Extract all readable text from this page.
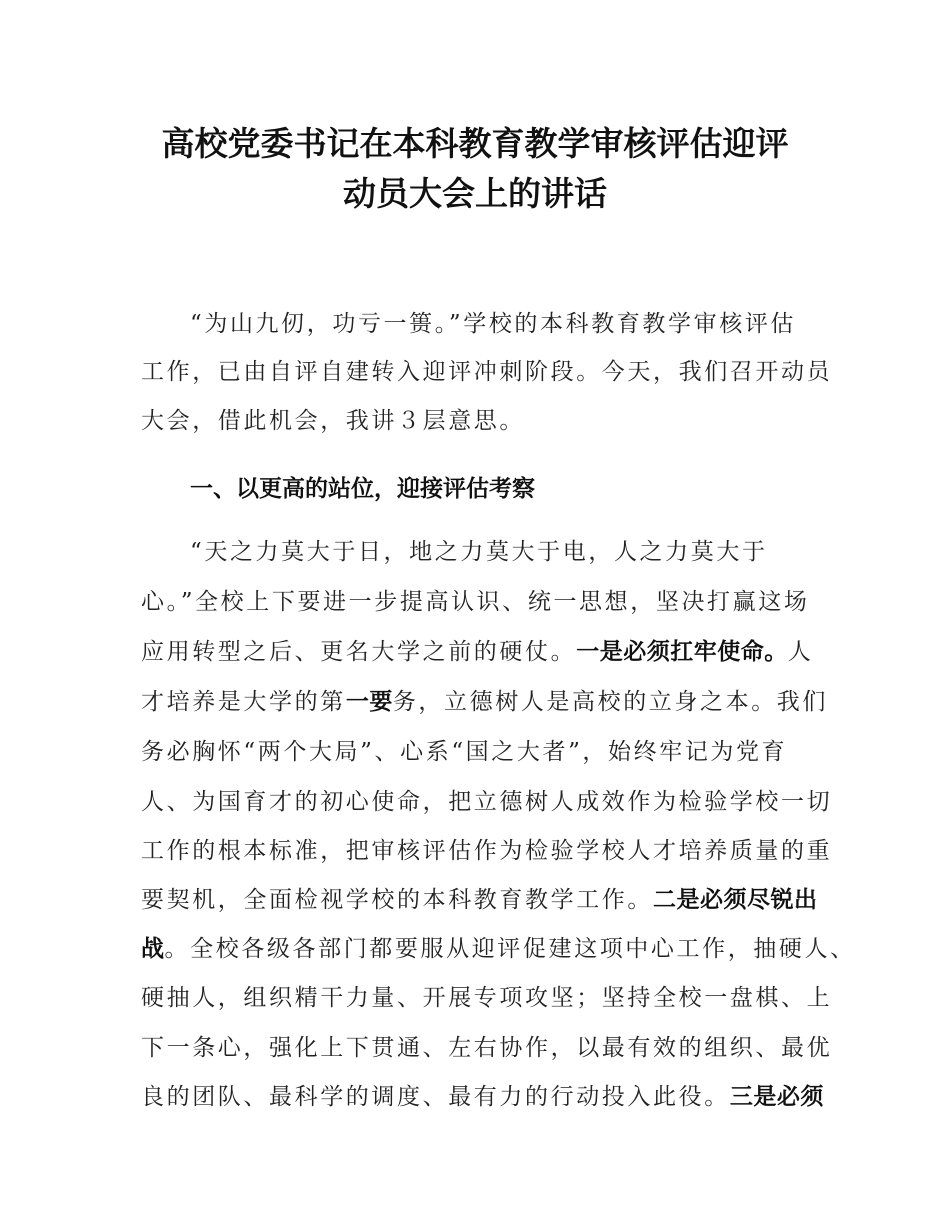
高校党委书记在本科教育教学审核评估迎评
动员大会上的讲话
“为山九仞，功亏一篑。”学校的本科教育教学审核评估
工作，已由自评自建转入迎评冲刺阶段。今天，我们召开动员
大会，借此机会，我讲３层意思。
一、以更高的站位，迎接评估考察
“天之力莫大于日，地之力莫大于电，人之力莫大于
心。”全校上下要进一步提高认识、统一思想，坚决打赢这场
应用转型之后、更名大学之前的硬仗。一是必须扛牢使命。人
才培养是大学的第一要务，立德树人是高校的立身之本。我们
务必胸怀“两个大局”、心系“国之大者”，始终牢记为党育
人、为国育才的初心使命，把立德树人成效作为检验学校一切
工作的根本标准，把审核评估作为检验学校人才培养质量的重
要契机，全面检视学校的本科教育教学工作。二是必须尽锐出
战。全校各级各部门都要服从迎评促建这项中心工作，抽硬人、
硬抽人，组织精干力量、开展专项攻坚；坚持全校一盘棋、上
下一条心，强化上下贯通、左右协作，以最有效的组织、最优
良的团队、最科学的调度、最有力的行动投入此役。三是必须
